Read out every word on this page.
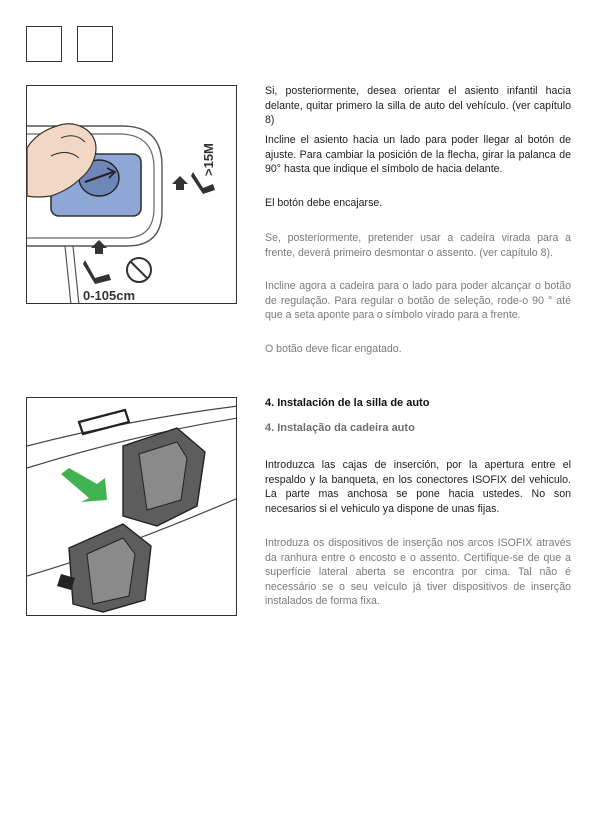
0-105cm
>15M

Si, posteriormente, desea orientar el asiento infantil hacia delante, quitar primero la silla de auto del vehículo. (ver capítulo 8)

Incline el asiento hacia un lado para poder llegar al botón de ajuste. Para cambiar la posición de la flecha, girar la palanca de 90° hasta que indique el símbolo de hacia delante.

El botón debe encajarse.

Se, posteriormente, pretender usar a cadeira virada para a frente, deverá primeiro desmontar o assento. (ver capítulo 8).

Incline agora a cadeira para o lado para poder alcançar o botão de regulação. Para regular o botão de seleção, rode-o 90 ° até que a seta aponte para o símbolo virado para a frente.

O botão deve ficar engatado.

4. Instalación de la silla de auto
4. Instalação da cadeira auto

Introduzca las cajas de inserción, por la apertura entre el respaldo y la banqueta, en los conectores ISOFIX del vehiculo. La parte mas anchosa se pone hacia ustedes. No son necesarios si el vehiculo ya dispone de unas fijas.

Introduza os dispositivos de inserção nos arcos ISOFIX através da ranhura entre o encosto e o assento. Certifique-se de que a superfície lateral aberta se encontra por cima. Tal não é necessário se o seu veículo já tiver dispositivos de inserção instalados de forma fixa.
